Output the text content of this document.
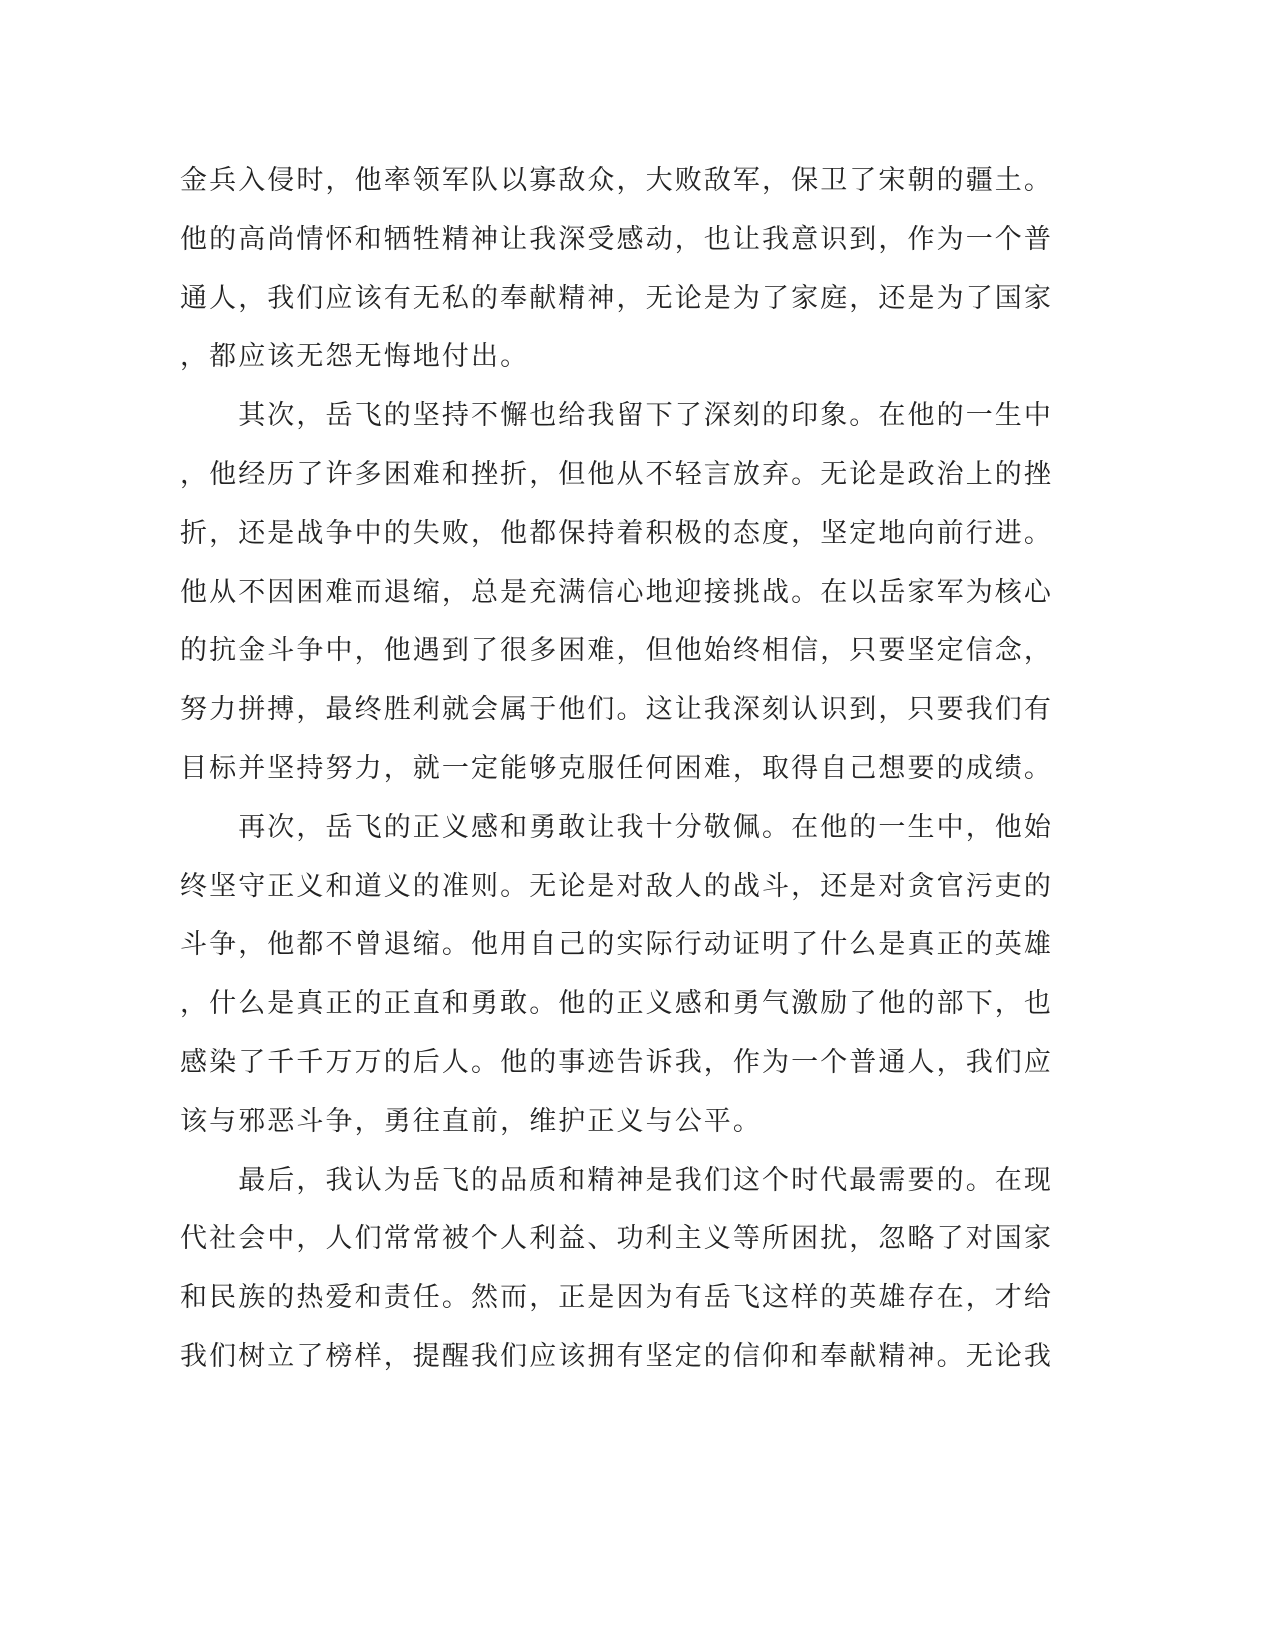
金兵入侵时，他率领军队以寡敌众，大败敌军，保卫了宋朝的疆土。
他的高尚情怀和牺牲精神让我深受感动，也让我意识到，作为一个普
通人，我们应该有无私的奉献精神，无论是为了家庭，还是为了国家
，都应该无怨无悔地付出。
　　其次，岳飞的坚持不懈也给我留下了深刻的印象。在他的一生中
，他经历了许多困难和挫折，但他从不轻言放弃。无论是政治上的挫
折，还是战争中的失败，他都保持着积极的态度，坚定地向前行进。
他从不因困难而退缩，总是充满信心地迎接挑战。在以岳家军为核心
的抗金斗争中，他遇到了很多困难，但他始终相信，只要坚定信念，
努力拼搏，最终胜利就会属于他们。这让我深刻认识到，只要我们有
目标并坚持努力，就一定能够克服任何困难，取得自己想要的成绩。
　　再次，岳飞的正义感和勇敢让我十分敬佩。在他的一生中，他始
终坚守正义和道义的准则。无论是对敌人的战斗，还是对贪官污吏的
斗争，他都不曾退缩。他用自己的实际行动证明了什么是真正的英雄
，什么是真正的正直和勇敢。他的正义感和勇气激励了他的部下，也
感染了千千万万的后人。他的事迹告诉我，作为一个普通人，我们应
该与邪恶斗争，勇往直前，维护正义与公平。
　　最后，我认为岳飞的品质和精神是我们这个时代最需要的。在现
代社会中，人们常常被个人利益、功利主义等所困扰，忽略了对国家
和民族的热爱和责任。然而，正是因为有岳飞这样的英雄存在，才给
我们树立了榜样，提醒我们应该拥有坚定的信仰和奉献精神。无论我
